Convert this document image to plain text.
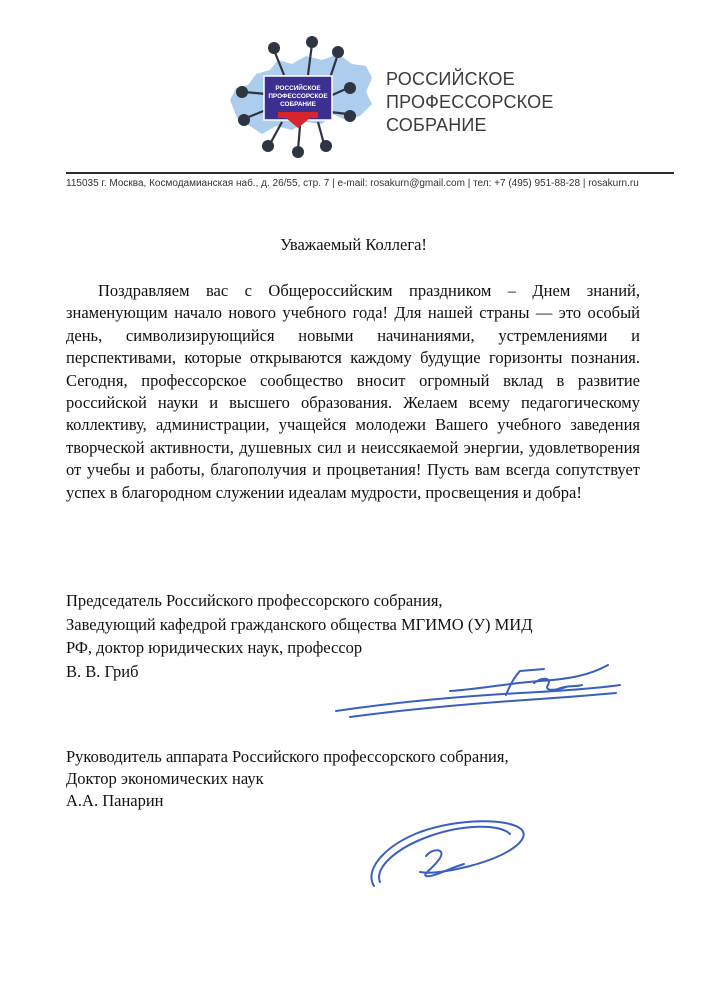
РОССИЙСКОЕ
ПРОФЕССОРСКОЕ
СОБРАНИЕ
РОССИЙСКОЕ
ПРОФЕССОРСКОЕ
СОБРАНИЕ
115035 г. Москва, Космодамианская наб., д. 26/55, стр. 7 | e-mail: rosakurn@gmail.com | тел: +7 (495) 951-88-28 | rosakurn.ru
Уважаемый Коллега!

Поздравляем вас с Общероссийским праздником – Днем знаний, знаменующим начало нового учебного года! Для нашей страны — это особый день, символизирующийся новыми начинаниями, устремлениями и перспективами, которые открываются каждому будущие горизонты познания. Сегодня, профессорское сообщество вносит огромный вклад в развитие российской науки и высшего образования. Желаем всему педагогическому коллективу, администрации, учащейся молодежи Вашего учебного заведения творческой активности, душевных сил и неиссякаемой энергии, удовлетворения от учебы и работы, благополучия и процветания! Пусть вам всегда сопутствует успех в благородном служении идеалам мудрости, просвещения и добра!

Председатель Российского профессорского собрания,
Заведующий кафедрой гражданского общества МГИМО (У) МИД
РФ, доктор юридических наук, профессор
В. В. Гриб
Руководитель аппарата Российского профессорского собрания,
Доктор экономических наук
А.А. Панарин
